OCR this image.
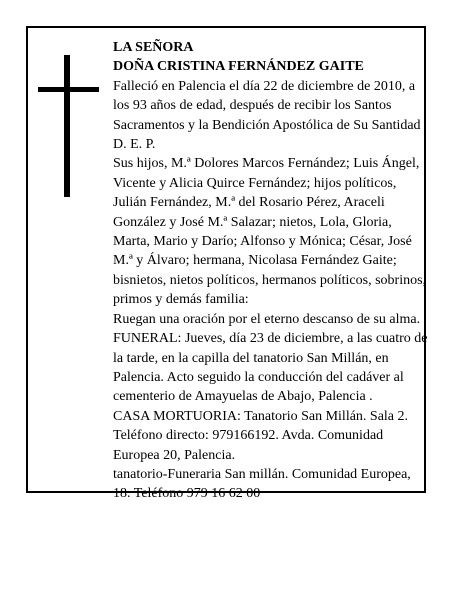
LA SEÑORA

DOÑA CRISTINA FERNÁNDEZ GAITE

Falleció en Palencia el día 22 de diciembre de 2010, a

los 93 años de edad, después de recibir los Santos

Sacramentos y la Bendición Apostólica de Su Santidad

D. E. P.

Sus hijos, M.ª Dolores Marcos Fernández; Luis Ángel,

Vicente y Alicia Quirce Fernández; hijos políticos,

Julián Fernández, M.ª del Rosario Pérez, Araceli

González y José M.ª Salazar; nietos, Lola, Gloria,

Marta, Mario y Darío; Alfonso y Mónica; César, José

M.ª y Álvaro; hermana, Nicolasa Fernández Gaite;

bisnietos, nietos políticos, hermanos políticos, sobrinos,

primos y demás familia:

Ruegan una oración por el eterno descanso de su alma.

FUNERAL: Jueves, día 23 de diciembre, a las cuatro de

la tarde, en la capilla del tanatorio San Millán, en

Palencia. Acto seguido la conducción del cadáver al

cementerio de Amayuelas de Abajo, Palencia .

CASA MORTUORIA: Tanatorio San Millán. Sala 2.

Teléfono directo: 979166192. Avda. Comunidad

Europea 20, Palencia.

tanatorio-Funeraria San millán. Comunidad Europea,

18. Teléfono 979 16 62 00
